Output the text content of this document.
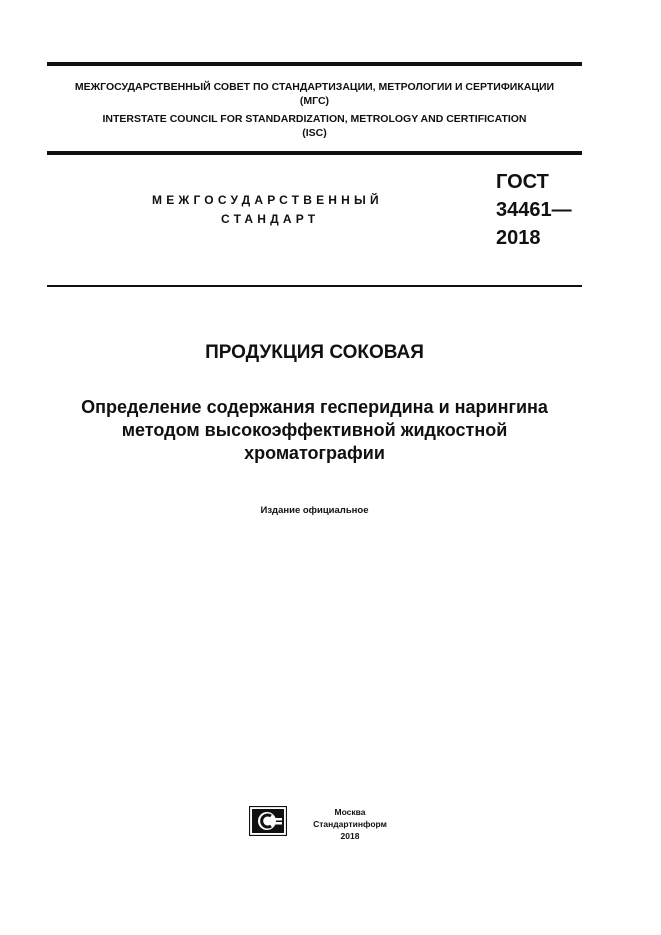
МЕЖГОСУДАРСТВЕННЫЙ СОВЕТ ПО СТАНДАРТИЗАЦИИ, МЕТРОЛОГИИ И СЕРТИФИКАЦИИ
(МГС)
INTERSTATE COUNCIL FOR STANDARDIZATION, METROLOGY AND CERTIFICATION
(ISC)
МЕЖГОСУДАРСТВЕННЫЙ
СТАНДАРТ
ГОСТ
34461—
2018
ПРОДУКЦИЯ СОКОВАЯ
Определение содержания гесперидина и нарингина
методом высокоэффективной жидкостной
хроматографии
Издание официальное
Москва
Стандартинформ
2018
